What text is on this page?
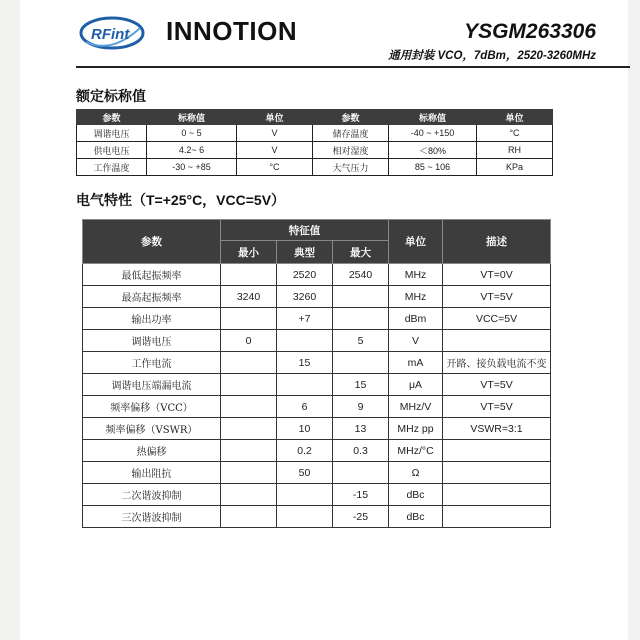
RFint INNOTION	YSGM263306
通用封装 VCO，7dBm，2520-3260MHz
额定标称值
参数	标称值	单位	参数	标称值	单位
调谐电压	0 ~ 5	V	储存温度	-40 ~ +150	°C
供电电压	4.2~ 6	V	相对湿度	＜80%	RH
工作温度	-30 ~ +85	°C	大气压力	85 ~ 106	KPa
电气特性（T=+25°C，VCC=5V）
参数	特征值			单位	描述
	最小	典型	最大		
最低起振频率		2520	2540	MHz	VT=0V
最高起振频率	3240	3260		MHz	VT=5V
输出功率		+7		dBm	VCC=5V
调谐电压	0		5	V	
工作电流		15		mA	开路、接负载电流不变
调谐电压端漏电流			15	μA	VT=5V
频率偏移（VCC）		6	9	MHz/V	VT=5V
频率偏移（VSWR）		10	13	MHz pp	VSWR=3:1
热偏移		0.2	0.3	MHz/°C	
输出阻抗		50		Ω	
二次谐波抑制			-15	dBc	
三次谐波抑制			-25	dBc	
